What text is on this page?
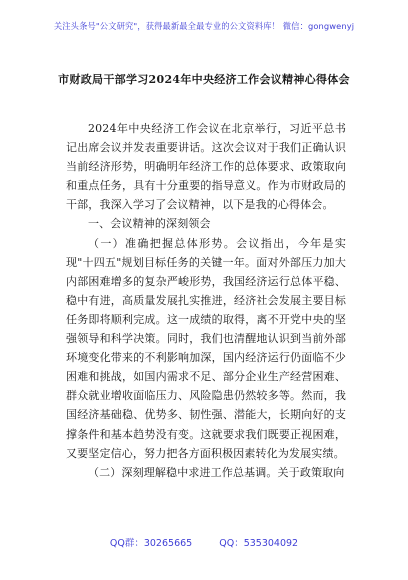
关注头条号"公文研究"，获得最新最全最专业的公文资料库！ 微信：gongwenyj
市财政局干部学习2024年中央经济工作会议精神心得体会

2024年中央经济工作会议在北京举行，习近平总书记出席会议并发表重要讲话。这次会议对于我们正确认识当前经济形势，明确明年经济工作的总体要求、政策取向和重点任务，具有十分重要的指导意义。作为市财政局的干部，我深入学习了会议精神，以下是我的心得体会。

一、会议精神的深刻领会

（一）准确把握总体形势。会议指出，今年是实现"十四五"规划目标任务的关键一年。面对外部压力加大内部困难增多的复杂严峻形势，我国经济运行总体平稳、稳中有进，高质量发展扎实推进，经济社会发展主要目标任务即将顺利完成。这一成绩的取得，离不开党中央的坚强领导和科学决策。同时，我们也清醒地认识到当前外部环境变化带来的不利影响加深，国内经济运行仍面临不少困难和挑战，如国内需求不足、部分企业生产经营困难、群众就业增收面临压力、风险隐患仍然较多等。然而，我国经济基础稳、优势多、韧性强、潜能大，长期向好的支撑条件和基本趋势没有变。这就要求我们既要正视困难，又要坚定信心，努力把各方面积极因素转化为发展实绩。

（二）深刻理解稳中求进工作总基调。关于政策取向

QQ群：30265665	QQ：535304092
